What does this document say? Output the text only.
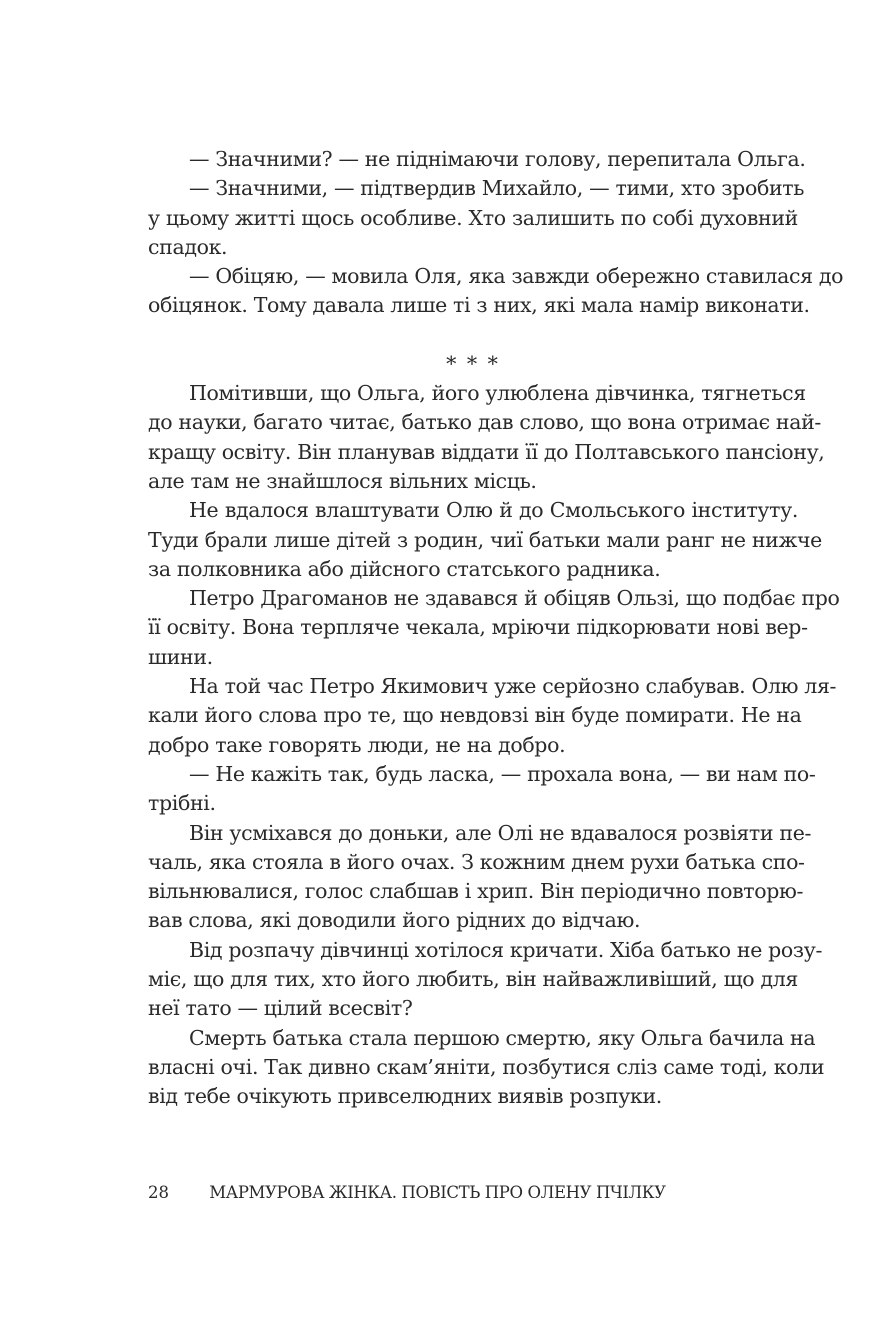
— Значними? — не піднімаючи голову, перепитала Ольга.
— Значними, — підтвердив Михайло, — тими, хто зробить
у цьому житті щось особливе. Хто залишить по собі духовний
спадок.
— Обіцяю, — мовила Оля, яка завжди обережно ставилася до
обіцянок. Тому давала лише ті з них, які мала намір виконати.
* * *
Помітивши, що Ольга, його улюблена дівчинка, тягнеться
до науки, багато читає, батько дав слово, що вона отримає най-
кращу освіту. Він планував віддати її до Полтавського пансіону,
але там не знайшлося вільних місць.
Не вдалося влаштувати Олю й до Смольського інституту.
Туди брали лише дітей з родин, чиї батьки мали ранг не нижче
за полковника або дійсного статського радника.
Петро Драгоманов не здавався й обіцяв Ользі, що подбає про
її освіту. Вона терпляче чекала, мріючи підкорювати нові вер-
шини.
На той час Петро Якимович уже серйозно слабував. Олю ля-
кали його слова про те, що невдовзі він буде помирати. Не на
добро таке говорять люди, не на добро.
— Не кажіть так, будь ласка, — прохала вона, — ви нам по-
трібні.
Він усміхався до доньки, але Олі не вдавалося розвіяти пе-
чаль, яка стояла в його очах. З кожним днем рухи батька спо-
вільнювалися, голос слабшав і хрип. Він періодично повторю-
вав слова, які доводили його рідних до відчаю.
Від розпачу дівчинці хотілося кричати. Хіба батько не розу-
міє, що для тих, хто його любить, він найважливіший, що для
неї тато — цілий всесвіт?
Смерть батька стала першою смертю, яку Ольга бачила на
власні очі. Так дивно скам’яніти, позбутися сліз саме тоді, коли
від тебе очікують привселюдних виявів розпуки.
28 МАРМУРОВА ЖІНКА. ПОВІСТЬ ПРО ОЛЕНУ ПЧІЛКУ
